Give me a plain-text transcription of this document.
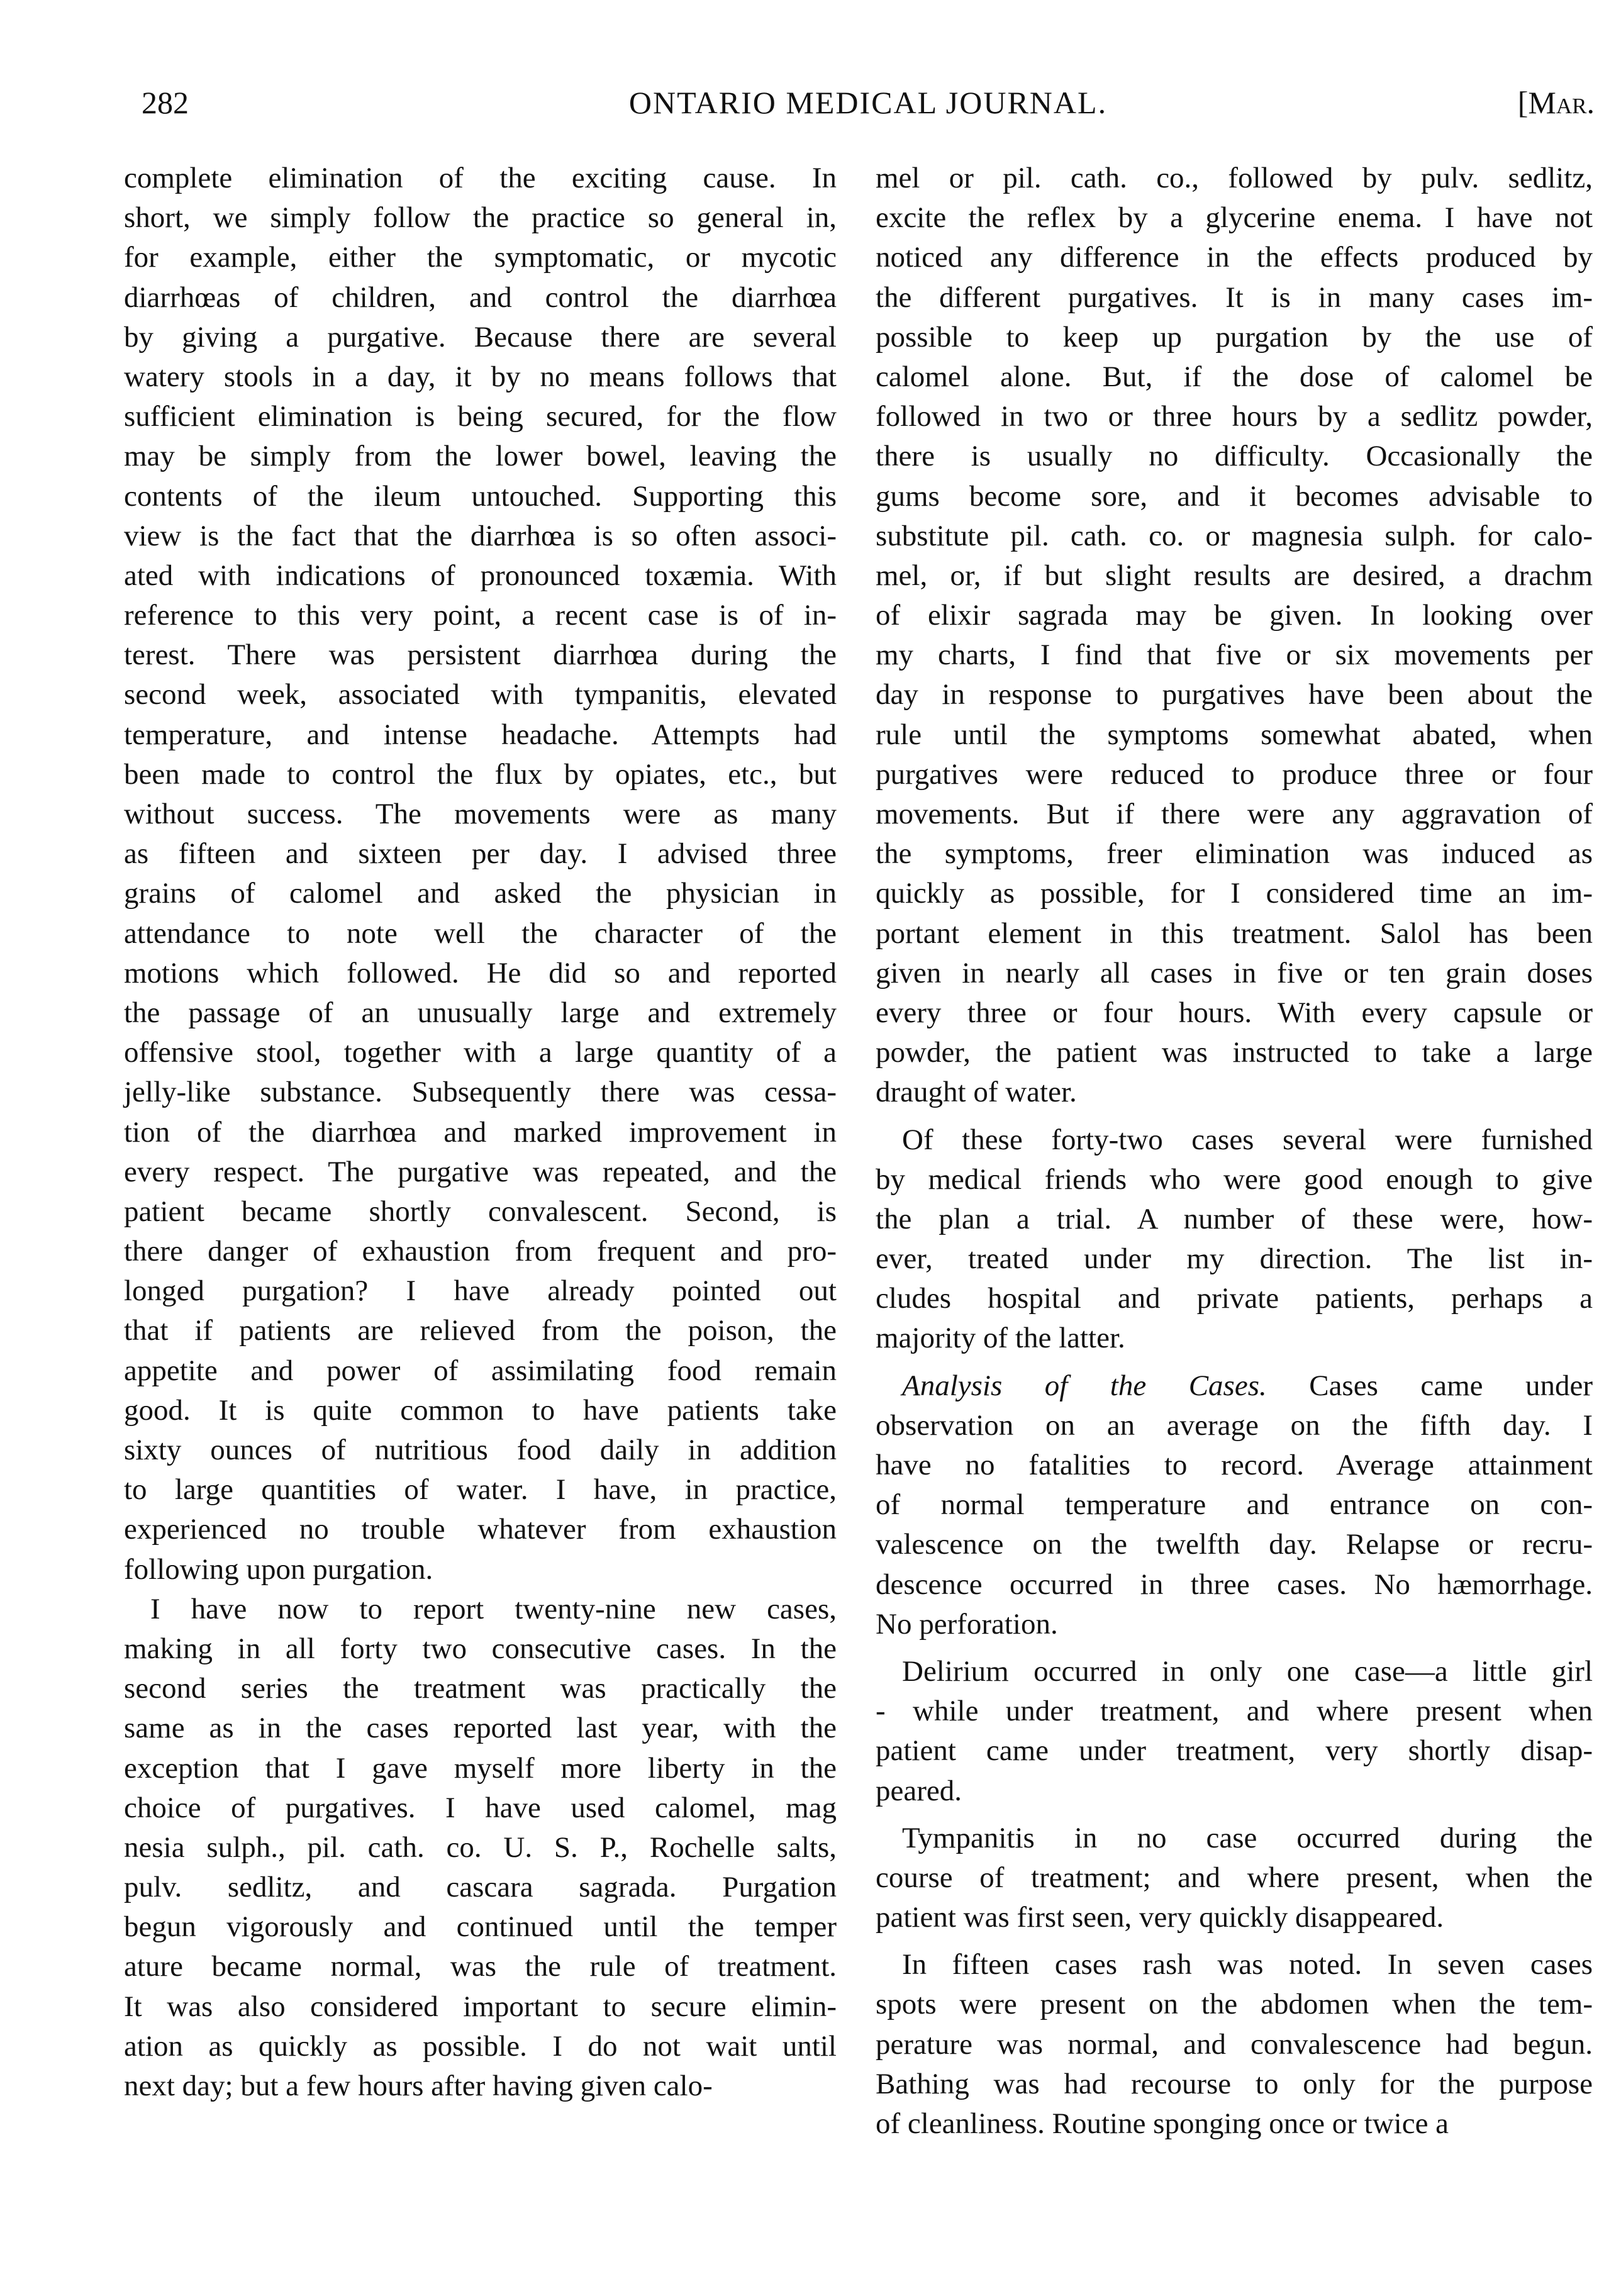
282	ONTARIO MEDICAL JOURNAL.	[Mar.
complete elimination of the exciting cause. In
short, we simply follow the practice so general in,
for example, either the symptomatic, or mycotic
diarrhœas of children, and control the diarrhœa
by giving a purgative. Because there are several
watery stools in a day, it by no means follows that
sufficient elimination is being secured, for the flow
may be simply from the lower bowel, leaving the
contents of the ileum untouched. Supporting this
view is the fact that the diarrhœa is so often associ-
ated with indications of pronounced toxæmia. With
reference to this very point, a recent case is of in-
terest. There was persistent diarrhœa during the
second week, associated with tympanitis, elevated
temperature, and intense headache. Attempts had
been made to control the flux by opiates, etc., but
without success. The movements were as many
as fifteen and sixteen per day. I advised three
grains of calomel and asked the physician in
attendance to note well the character of the
motions which followed. He did so and reported
the passage of an unusually large and extremely
offensive stool, together with a large quantity of a
jelly-like substance. Subsequently there was cessa-
tion of the diarrhœa and marked improvement in
every respect. The purgative was repeated, and the
patient became shortly convalescent. Second, is
there danger of exhaustion from frequent and pro-
longed purgation? I have already pointed out
that if patients are relieved from the poison, the
appetite and power of assimilating food remain
good. It is quite common to have patients take
sixty ounces of nutritious food daily in addition
to large quantities of water. I have, in practice,
experienced no trouble whatever from exhaustion
following upon purgation.
I have now to report twenty-nine new cases,
making in all forty two consecutive cases. In the
second series the treatment was practically the
same as in the cases reported last year, with the
exception that I gave myself more liberty in the
choice of purgatives. I have used calomel, mag
nesia sulph., pil. cath. co. U. S. P., Rochelle salts,
pulv. sedlitz, and cascara sagrada. Purgation
begun vigorously and continued until the temper
ature became normal, was the rule of treatment.
It was also considered important to secure elimin-
ation as quickly as possible. I do not wait until
next day; but a few hours after having given calo-
mel or pil. cath. co., followed by pulv. sedlitz,
excite the reflex by a glycerine enema. I have not
noticed any difference in the effects produced by
the different purgatives. It is in many cases im-
possible to keep up purgation by the use of
calomel alone. But, if the dose of calomel be
followed in two or three hours by a sedlitz powder,
there is usually no difficulty. Occasionally the
gums become sore, and it becomes advisable to
substitute pil. cath. co. or magnesia sulph. for calo-
mel, or, if but slight results are desired, a drachm
of elixir sagrada may be given. In looking over
my charts, I find that five or six movements per
day in response to purgatives have been about the
rule until the symptoms somewhat abated, when
purgatives were reduced to produce three or four
movements. But if there were any aggravation of
the symptoms, freer elimination was induced as
quickly as possible, for I considered time an im-
portant element in this treatment. Salol has been
given in nearly all cases in five or ten grain doses
every three or four hours. With every capsule or
powder, the patient was instructed to take a large
draught of water.
Of these forty-two cases several were furnished
by medical friends who were good enough to give
the plan a trial. A number of these were, how-
ever, treated under my direction. The list in-
cludes hospital and private patients, perhaps a
majority of the latter.
Analysis of the Cases. Cases came under
observation on an average on the fifth day. I
have no fatalities to record. Average attainment
of normal temperature and entrance on con-
valescence on the twelfth day. Relapse or recru-
descence occurred in three cases. No hæmorrhage.
No perforation.
Delirium occurred in only one case—a little girl
- while under treatment, and where present when
patient came under treatment, very shortly disap-
peared.
Tympanitis in no case occurred during the
course of treatment; and where present, when the
patient was first seen, very quickly disappeared.
In fifteen cases rash was noted. In seven cases
spots were present on the abdomen when the tem-
perature was normal, and convalescence had begun.
Bathing was had recourse to only for the purpose
of cleanliness. Routine sponging once or twice a
